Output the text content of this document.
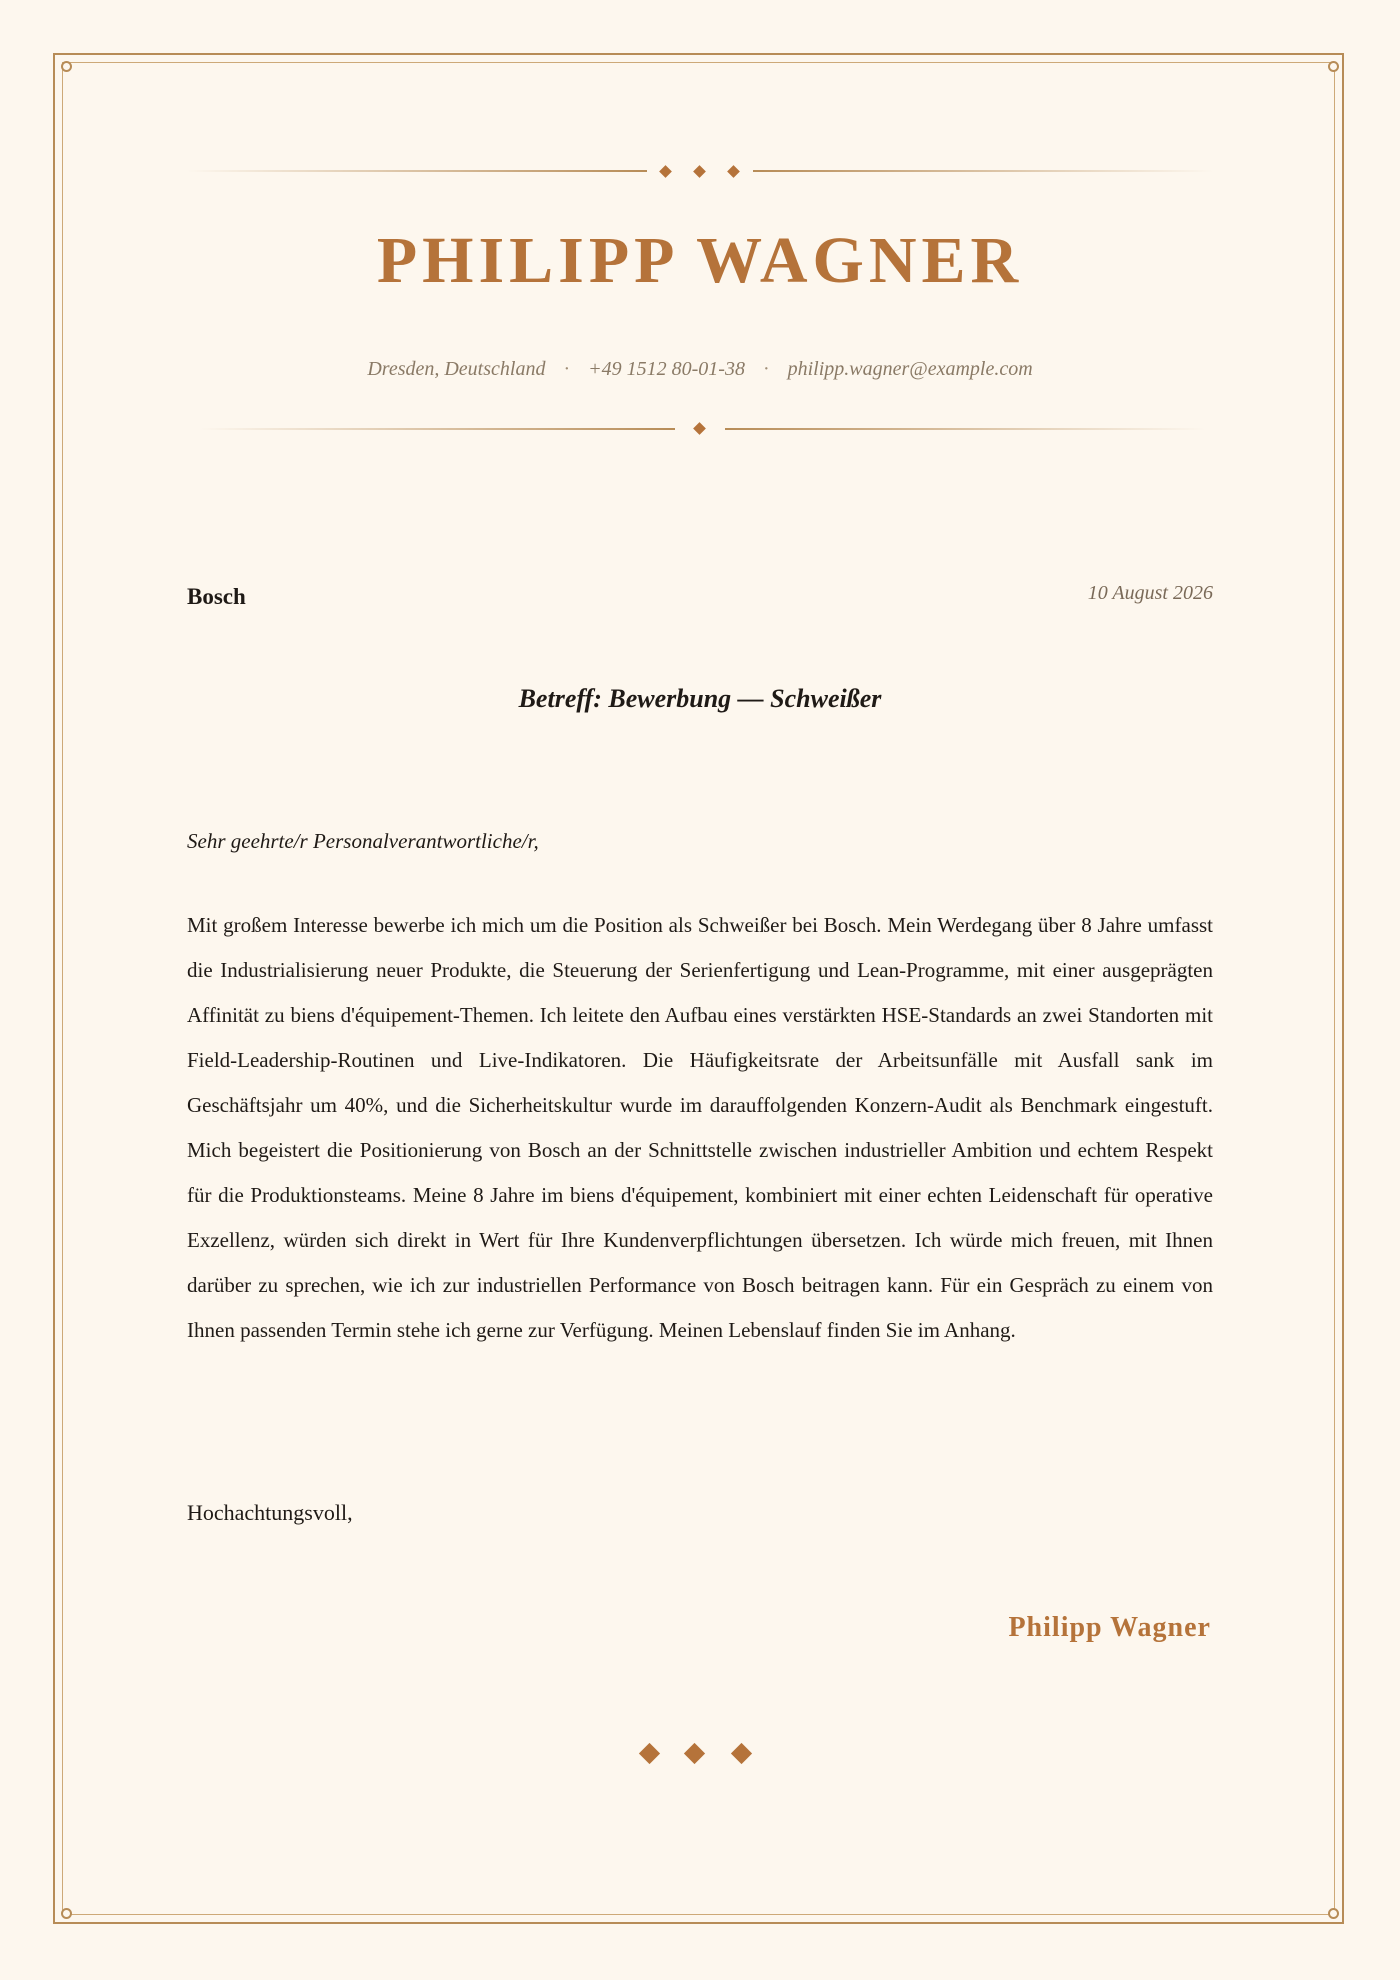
PHILIPP WAGNER
Dresden, Deutschland · +49 1512 80-01-38 · philipp.wagner@example.com
Bosch	10 August 2026
Betreff: Bewerbung — Schweißer
Sehr geehrte/r Personalverantwortliche/r,
Mit großem Interesse bewerbe ich mich um die Position als Schweißer bei Bosch. Mein Werdegang über 8 Jahre umfasst die Industrialisierung neuer Produkte, die Steuerung der Serienfertigung und Lean-Programme, mit einer ausgeprägten Affinität zu biens d'équipement-Themen. Ich leitete den Aufbau eines verstärkten HSE-Standards an zwei Standorten mit Field-Leadership-Routinen und Live-Indikatoren. Die Häufigkeitsrate der Arbeitsunfälle mit Ausfall sank im Geschäftsjahr um 40%, und die Sicherheitskultur wurde im darauffolgenden Konzern-Audit als Benchmark eingestuft. Mich begeistert die Positionierung von Bosch an der Schnittstelle zwischen industrieller Ambition und echtem Respekt für die Produktionsteams. Meine 8 Jahre im biens d'équipement, kombiniert mit einer echten Leidenschaft für operative Exzellenz, würden sich direkt in Wert für Ihre Kundenverpflichtungen übersetzen. Ich würde mich freuen, mit Ihnen darüber zu sprechen, wie ich zur industriellen Performance von Bosch beitragen kann. Für ein Gespräch zu einem von Ihnen passenden Termin stehe ich gerne zur Verfügung. Meinen Lebenslauf finden Sie im Anhang.
Hochachtungsvoll,
Philipp Wagner
